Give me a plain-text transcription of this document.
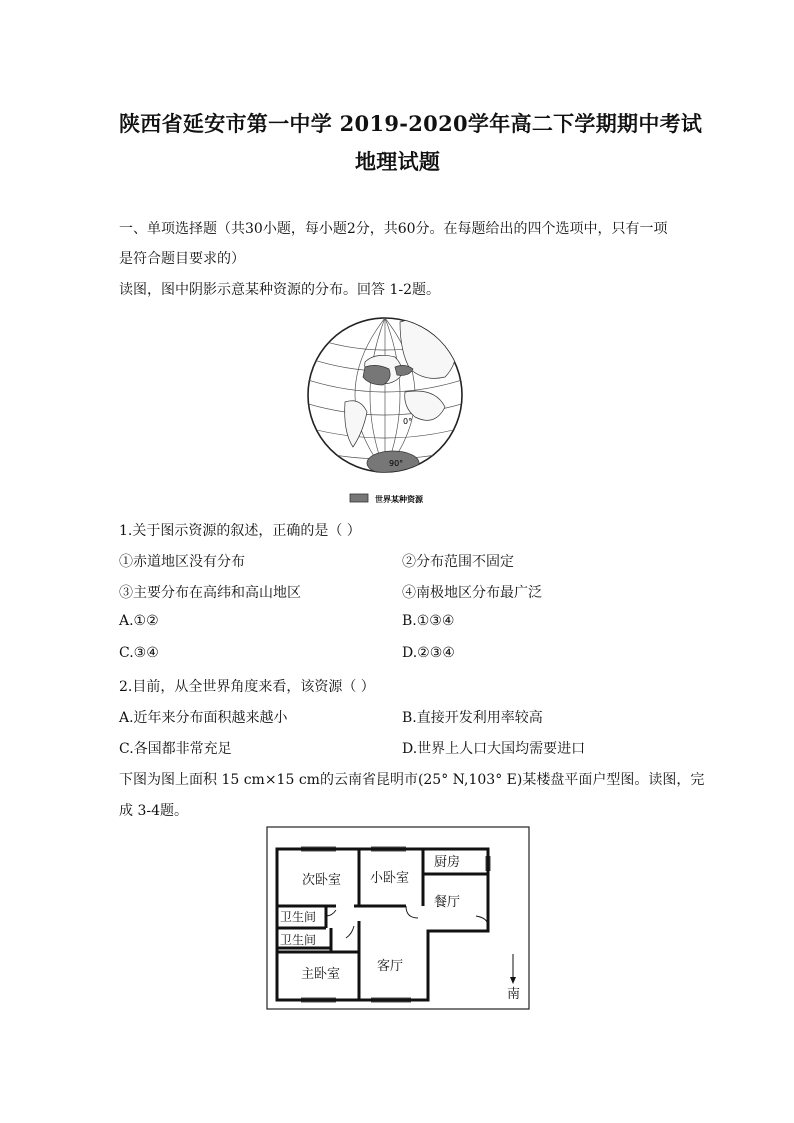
陕西省延安市第一中学 2019-2020学年高二下学期期中考试
地理试题
一、单项选择题（共30小题，每小题2分，共60分。在每题给出的四个选项中，只有一项
是符合题目要求的）
读图，图中阴影示意某种资源的分布。回答 1-2题。
0°
90°
世界某种资源
1.关于图示资源的叙述，正确的是（ ）
①赤道地区没有分布	②分布范围不固定
③主要分布在高纬和高山地区	④南极地区分布最广泛
A.①②	B.①③④
C.③④	D.②③④
2.目前，从全世界角度来看，该资源（ ）
A.近年来分布面积越来越小	B.直接开发利用率较高
C.各国都非常充足	D.世界上人口大国均需要进口
下图为图上面积 15 cm×15 cm的云南省昆明市(25° N,103° E)某楼盘平面户型图。读图，完
成 3-4题。
次卧室 小卧室
厨房
餐厅
卫生间
卫生间
主卧室
客厅
南
